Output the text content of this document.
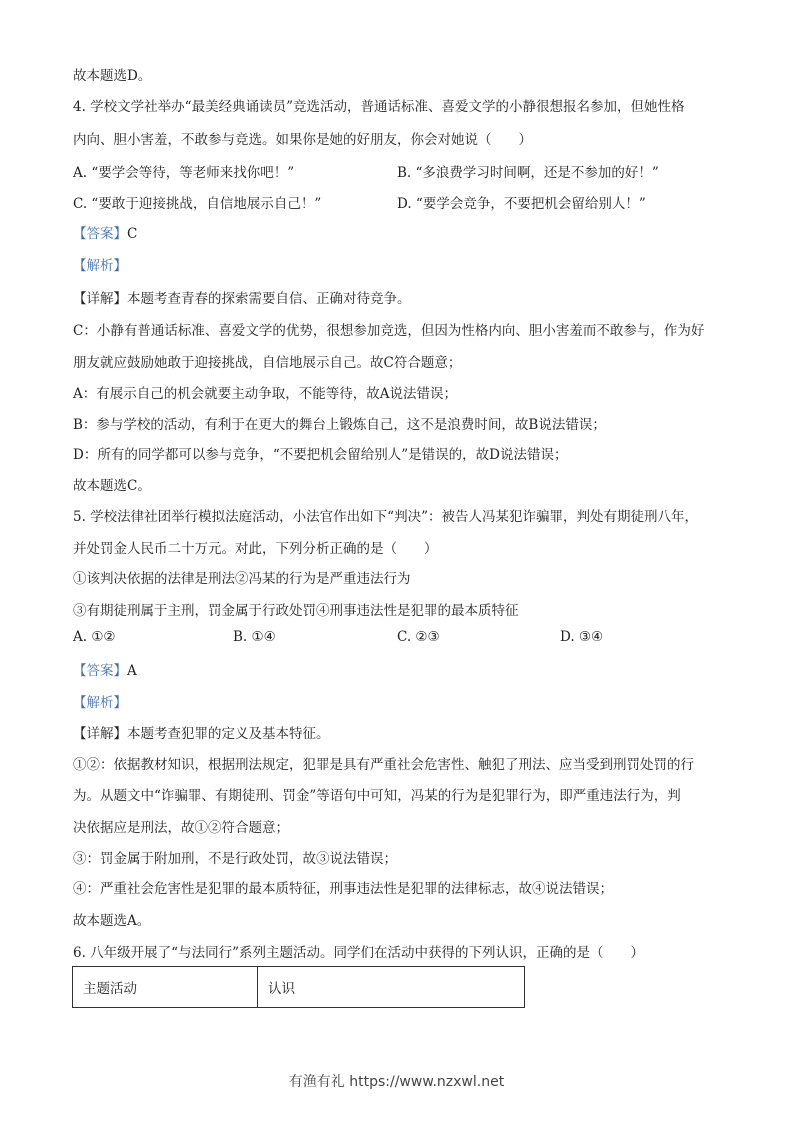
故本题选D。
4. 学校文学社举办“最美经典诵读员”竞选活动，普通话标准、喜爱文学的小静很想报名参加，但她性格
内向、胆小害羞，不敢参与竞选。如果你是她的好朋友，你会对她说（　　）
A. “要学会等待，等老师来找你吧！”	B. “多浪费学习时间啊，还是不参加的好！”
C. “要敢于迎接挑战，自信地展示自己！”	D. “要学会竞争，不要把机会留给别人！”
【答案】C
【解析】
【详解】本题考查青春的探索需要自信、正确对待竞争。
C：小静有普通话标准、喜爱文学的优势，很想参加竞选，但因为性格内向、胆小害羞而不敢参与，作为好
朋友就应鼓励她敢于迎接挑战，自信地展示自己。故C符合题意；
A：有展示自己的机会就要主动争取，不能等待，故A说法错误；
B：参与学校的活动，有利于在更大的舞台上锻炼自己，这不是浪费时间，故B说法错误；
D：所有的同学都可以参与竞争，“不要把机会留给别人”是错误的，故D说法错误；
故本题选C。
5. 学校法律社团举行模拟法庭活动，小法官作出如下“判决”：被告人冯某犯诈骗罪，判处有期徒刑八年，
并处罚金人民币二十万元。对此，下列分析正确的是（　　）
①该判决依据的法律是刑法②冯某的行为是严重违法行为
③有期徒刑属于主刑，罚金属于行政处罚④刑事违法性是犯罪的最本质特征
A. ①②	B. ①④	C. ②③	D. ③④
【答案】A
【解析】
【详解】本题考查犯罪的定义及基本特征。
①②：依据教材知识，根据刑法规定，犯罪是具有严重社会危害性、触犯了刑法、应当受到刑罚处罚的行
为。从题文中“诈骗罪、有期徒刑、罚金”等语句中可知，冯某的行为是犯罪行为，即严重违法行为，判
决依据应是刑法，故①②符合题意；
③：罚金属于附加刑，不是行政处罚，故③说法错误；
④：严重社会危害性是犯罪的最本质特征，刑事违法性是犯罪的法律标志，故④说法错误；
故本题选A。
6. 八年级开展了“与法同行”系列主题活动。同学们在活动中获得的下列认识，正确的是（　　）
主题活动	认识
有渔有礼 https://www.nzxwl.net
